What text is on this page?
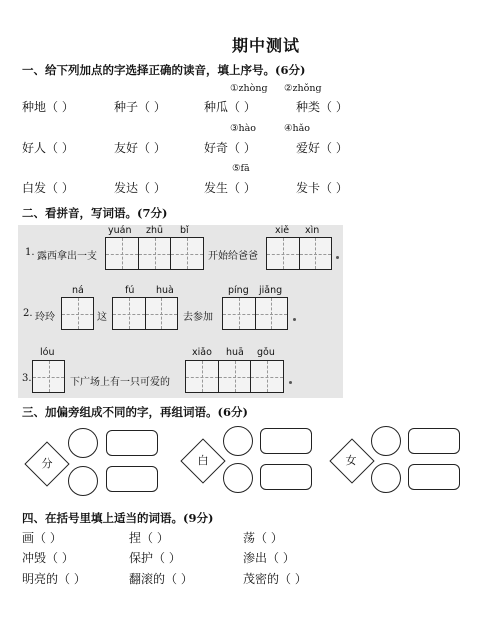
期中测试
一、给下列加点的字选择正确的读音，填上序号。(6分)
①zhòng ②zhǒng
③hào	④hǎo
⑤fā
种地（ ）	种子（ ）	种瓜（ ）	种类（ ）
好人（ ）	友好（ ）	好奇（ ）	爱好（ ）
白发（ ）	发达（ ）	发生（ ）	发卡（ ）
二、看拼音，写词语。(7分)
yuán zhū bǐ	xiě xìn
1. 露西拿出一支	开始给爸爸
ná	fú huà	píng jiǎng
2. 玲玲	这	去参加
lóu	xiǎo huā gǒu
3.	下广场上有一只可爱的
三、加偏旁组成不同的字，再组词语。(6分)
分	白	女
四、在括号里填上适当的词语。(9分)
画（ ）	捏（ ）	荡（ ）
冲毁（ ）	保护（ ）	渗出（ ）
明亮的（ ）	翻滚的（ ）	茂密的（ ）
